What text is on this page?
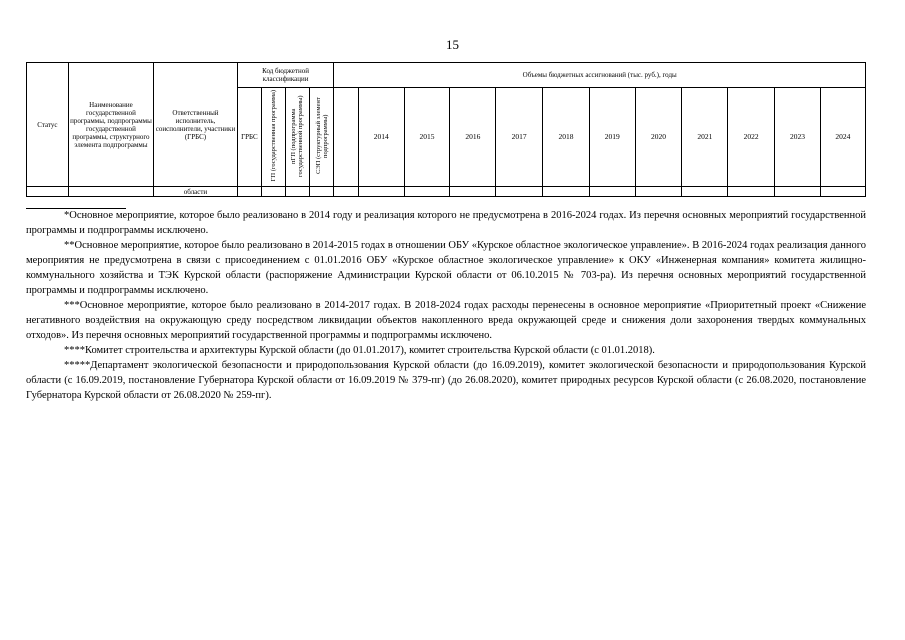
15
Статус	Наименование государственной программы, подпрограммы государственной программы, структурного элемента подпрограммы	Ответственный исполнитель, соисполнители, участники (ГРБС)	Код бюджетной классификации				Объемы бюджетных ассигнований (тыс. руб.), годы											
			ГРБС	ГП (государственная программа)	пГП (подпрограмма государственной программы)	СЭП (структурный элемент подпрограммы)		2014	2015	2016	2017	2018	2019	2020	2021	2022	2023	2024
		области																

*Основное мероприятие, которое было реализовано в 2014 году и реализация которого не предусмотрена в 2016-2024 годах. Из перечня основных мероприятий государственной программы и подпрограммы исключено.

**Основное мероприятие, которое было реализовано в 2014-2015 годах в отношении ОБУ «Курское областное экологическое управление». В 2016-2024 годах реализация данного мероприятия не предусмотрена в связи с присоединением с 01.01.2016 ОБУ «Курское областное экологическое управление» к ОКУ «Инженерная компания» комитета жилищно-коммунального хозяйства и ТЭК Курской области (распоряжение Администрации Курской области от 06.10.2015 № 703-ра). Из перечня основных мероприятий государственной программы и подпрограммы исключено.

***Основное мероприятие, которое было реализовано в 2014-2017 годах. В 2018-2024 годах расходы перенесены в основное мероприятие «Приоритетный проект «Снижение негативного воздействия на окружающую среду посредством ликвидации объектов накопленного вреда окружающей среде и снижения доли захоронения твердых коммунальных отходов». Из перечня основных мероприятий государственной программы и подпрограммы исключено.

****Комитет строительства и архитектуры Курской области (до 01.01.2017), комитет строительства Курской области (с 01.01.2018).

*****Департамент экологической безопасности и природопользования Курской области (до 16.09.2019), комитет экологической безопасности и природопользования Курской области (с 16.09.2019, постановление Губернатора Курской области от 16.09.2019 № 379-пг) (до 26.08.2020), комитет природных ресурсов Курской области (с 26.08.2020, постановление Губернатора Курской области от 26.08.2020 № 259-пг).
